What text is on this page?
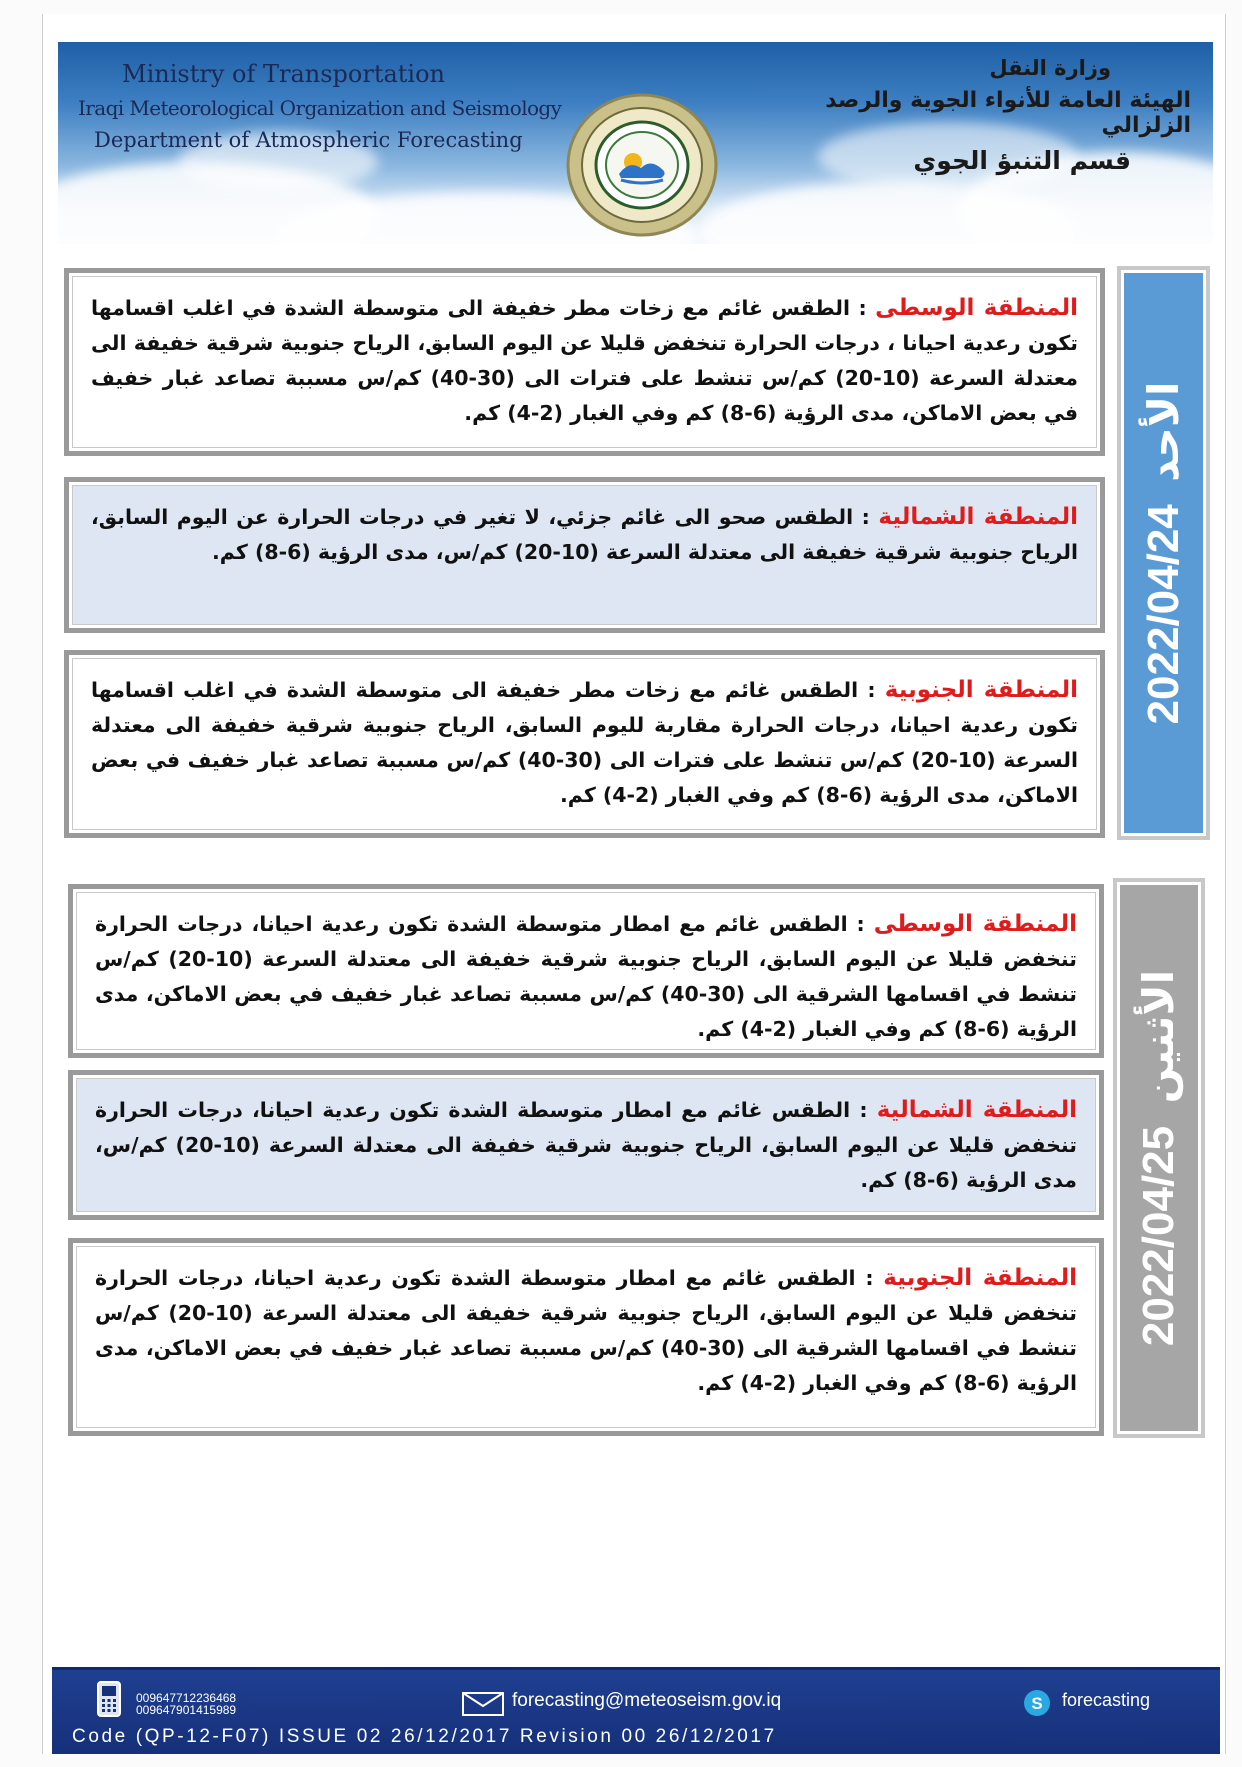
Ministry of Transportation
Iraqi Meteorological Organization and Seismology
Department of Atmospheric Forecasting
وزارة النقل
الهيئة العامة للأنواء الجوية والرصد الزلزالي
قسم التنبؤ الجوي
المنطقة الوسطى : الطقس غائم مع زخات مطر خفيفة الى متوسطة الشدة في اغلب اقسامها تكون رعدية احيانا ، درجات الحرارة تنخفض قليلا عن اليوم السابق، الرياح جنوبية شرقية خفيفة الى معتدلة السرعة (10-20) كم/س تنشط على فترات الى (30-40) كم/س مسببة تصاعد غبار خفيف في بعض الاماكن، مدى الرؤية (6-8) كم وفي الغبار (2-4) كم.
المنطقة الشمالية : الطقس صحو الى غائم جزئي، لا تغير في درجات الحرارة عن اليوم السابق، الرياح جنوبية شرقية خفيفة الى معتدلة السرعة (10-20) كم/س، مدى الرؤية (6-8) كم.
المنطقة الجنوبية : الطقس غائم مع زخات مطر خفيفة الى متوسطة الشدة في اغلب اقسامها تكون رعدية احيانا، درجات الحرارة مقاربة لليوم السابق، الرياح جنوبية شرقية خفيفة الى معتدلة السرعة (10-20) كم/س تنشط على فترات الى (30-40) كم/س مسببة تصاعد غبار خفيف في بعض الاماكن، مدى الرؤية (6-8) كم وفي الغبار (2-4) كم.
2022/04/24 الأحد
المنطقة الوسطى : الطقس غائم مع امطار متوسطة الشدة تكون رعدية احيانا، درجات الحرارة تنخفض قليلا عن اليوم السابق، الرياح جنوبية شرقية خفيفة الى معتدلة السرعة (10-20) كم/س تنشط في اقسامها الشرقية الى (30-40) كم/س مسببة تصاعد غبار خفيف في بعض الاماكن، مدى الرؤية (6-8) كم وفي الغبار (2-4) كم.
المنطقة الشمالية : الطقس غائم مع امطار متوسطة الشدة تكون رعدية احيانا، درجات الحرارة تنخفض قليلا عن اليوم السابق، الرياح جنوبية شرقية خفيفة الى معتدلة السرعة (10-20) كم/س، مدى الرؤية (6-8) كم.
المنطقة الجنوبية : الطقس غائم مع امطار متوسطة الشدة تكون رعدية احيانا، درجات الحرارة تنخفض قليلا عن اليوم السابق، الرياح جنوبية شرقية خفيفة الى معتدلة السرعة (10-20) كم/س تنشط في اقسامها الشرقية الى (30-40) كم/س مسببة تصاعد غبار خفيف في بعض الاماكن، مدى الرؤية (6-8) كم وفي الغبار (2-4) كم.
2022/04/25 الأثنين
009647712236468
009647901415989	forecasting@meteoseism.gov.iq	S forecasting
Code (QP-12-F07) ISSUE 02 26/12/2017 Revision 00 26/12/2017
